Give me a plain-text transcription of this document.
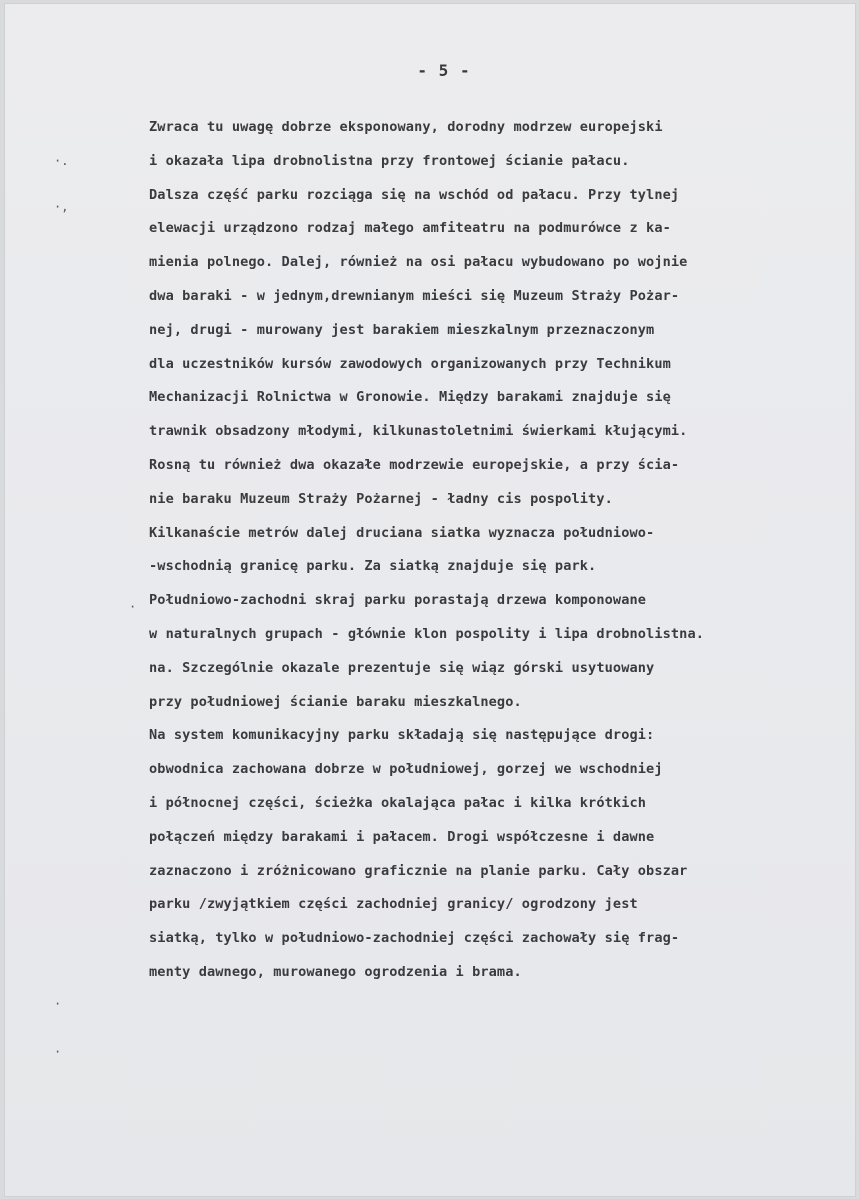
- 5 -
Zwraca tu uwagę dobrze eksponowany, dorodny modrzew europejski
i okazała lipa drobnolistna przy frontowej ścianie pałacu.
Dalsza część parku rozciąga się na wschód od pałacu. Przy tylnej
elewacji urządzono rodzaj małego amfiteatru na podmurówce z ka-
mienia polnego. Dalej, również na osi pałacu wybudowano po wojnie
dwa baraki - w jednym,drewnianym mieści się Muzeum Straży Pożar-
nej, drugi - murowany jest barakiem mieszkalnym przeznaczonym
dla uczestników kursów zawodowych organizowanych przy Technikum
Mechanizacji Rolnictwa w Gronowie. Między barakami znajduje się
trawnik obsadzony młodymi, kilkunastoletnimi świerkami kłującymi.
Rosną tu również dwa okazałe modrzewie europejskie, a przy ścia-
nie baraku Muzeum Straży Pożarnej - ładny cis pospolity.
Kilkanaście metrów dalej druciana siatka wyznacza południowo-
-wschodnią granicę parku. Za siatką znajduje się park.
Południowo-zachodni skraj parku porastają drzewa komponowane
w naturalnych grupach - głównie klon pospolity i lipa drobnolistna.
na. Szczególnie okazale prezentuje się wiąz górski usytuowany
przy południowej ścianie baraku mieszkalnego.
Na system komunikacyjny parku składają się następujące drogi:
obwodnica zachowana dobrze w południowej, gorzej we wschodniej
i północnej części, ścieżka okalająca pałac i kilka krótkich
połączeń między barakami i pałacem. Drogi współczesne i dawne
zaznaczono i zróżnicowano graficznie na planie parku. Cały obszar
parku /zwyjątkiem części zachodniej granicy/ ogrodzony jest
siatką, tylko w południowo-zachodniej części zachowały się frag-
menty dawnego, murowanego ogrodzenia i brama.
·.
·,
·
·
·
